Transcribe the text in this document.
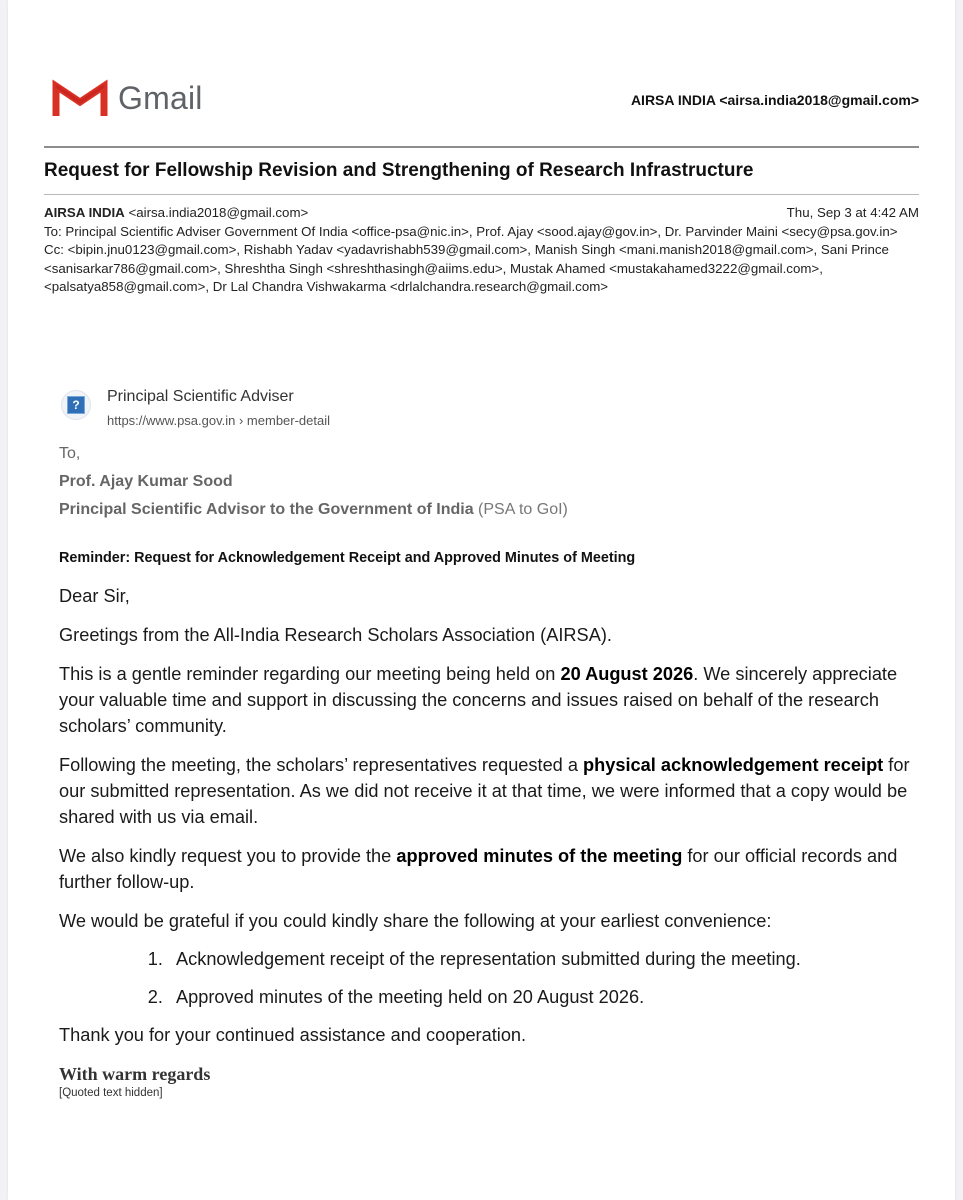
Gmail	AIRSA INDIA <airsa.india2018@gmail.com>
Request for Fellowship Revision and Strengthening of Research Infrastructure
AIRSA INDIA <airsa.india2018@gmail.com>	Thu, Sep 3 at 4:42 AM

To: Principal Scientific Adviser Government Of India <office-psa@nic.in>, Prof. Ajay <sood.ajay@gov.in>, Dr. Parvinder Maini <secy@psa.gov.in>

Cc: <bipin.jnu0123@gmail.com>, Rishabh Yadav <yadavrishabh539@gmail.com>, Manish Singh <mani.manish2018@gmail.com>, Sani Prince <sanisarkar786@gmail.com>, Shreshtha Singh <shreshthasingh@aiims.edu>, Mustak Ahamed <mustakahamed3222@gmail.com>, <palsatya858@gmail.com>, Dr Lal Chandra Vishwakarma <drlalchandra.research@gmail.com>

?	Principal Scientific Adviser
https://www.psa.gov.in › member-detail
To,
Prof. Ajay Kumar Sood
Principal Scientific Advisor to the Government of India (PSA to GoI)
Reminder: Request for Acknowledgement Receipt and Approved Minutes of Meeting

Dear Sir,

Greetings from the All-India Research Scholars Association (AIRSA).

This is a gentle reminder regarding our meeting being held on 20 August 2026. We sincerely appreciate your valuable time and support in discussing the concerns and issues raised on behalf of the research scholars’ community.

Following the meeting, the scholars’ representatives requested a physical acknowledgement receipt for our submitted representation. As we did not receive it at that time, we were informed that a copy would be shared with us via email.

We also kindly request you to provide the approved minutes of the meeting for our official records and further follow-up.

We would be grateful if you could kindly share the following at your earliest convenience:

1. Acknowledgement receipt of the representation submitted during the meeting.
2. Approved minutes of the meeting held on 20 August 2026.

Thank you for your continued assistance and cooperation.

With warm regards
[Quoted text hidden]
